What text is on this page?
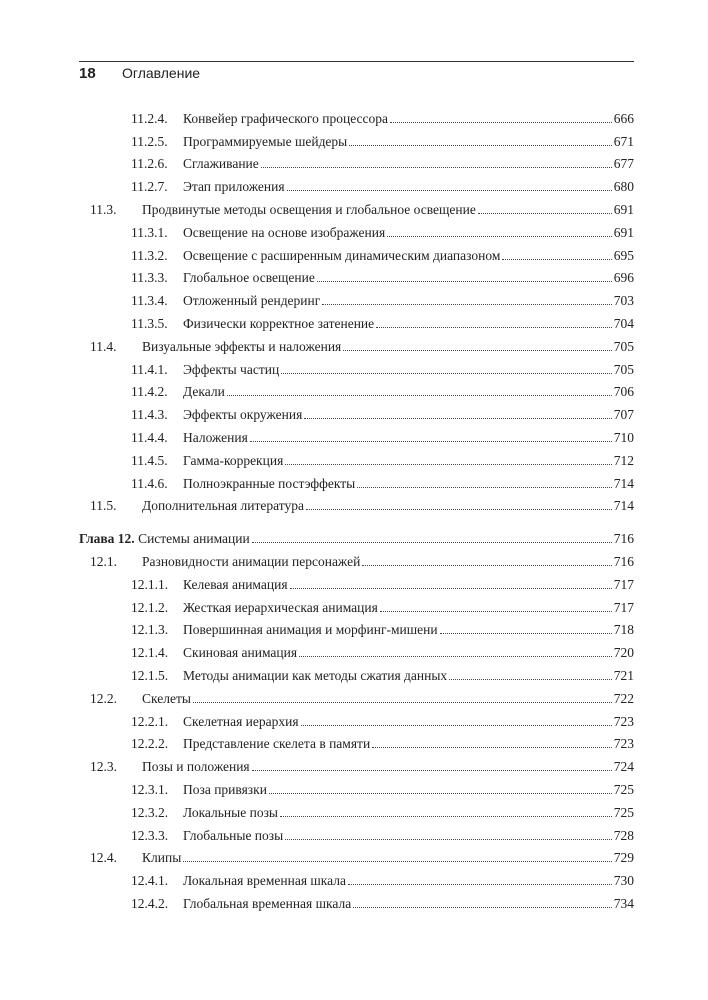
18 Оглавление
11.2.4.	Конвейер графического процессора	666
11.2.5.	Программируемые шейдеры	671
11.2.6.	Сглаживание	677
11.2.7.	Этап приложения	680
11.3.	Продвинутые методы освещения и глобальное освещение	691
11.3.1.	Освещение на основе изображения	691
11.3.2.	Освещение с расширенным динамическим диапазоном	695
11.3.3.	Глобальное освещение	696
11.3.4.	Отложенный рендеринг	703
11.3.5.	Физически корректное затенение	704
11.4.	Визуальные эффекты и наложения	705
11.4.1.	Эффекты частиц	705
11.4.2.	Декали	706
11.4.3.	Эффекты окружения	707
11.4.4.	Наложения	710
11.4.5.	Гамма-коррекция	712
11.4.6.	Полноэкранные постэффекты	714
11.5.	Дополнительная литература	714
Глава 12. Системы анимации	716
12.1.	Разновидности анимации персонажей	716
12.1.1.	Келевая анимация	717
12.1.2.	Жесткая иерархическая анимация	717
12.1.3.	Повершинная анимация и морфинг-мишени	718
12.1.4.	Скиновая анимация	720
12.1.5.	Методы анимации как методы сжатия данных	721
12.2.	Скелеты	722
12.2.1.	Скелетная иерархия	723
12.2.2.	Представление скелета в памяти	723
12.3.	Позы и положения	724
12.3.1.	Поза привязки	725
12.3.2.	Локальные позы	725
12.3.3.	Глобальные позы	728
12.4.	Клипы	729
12.4.1.	Локальная временная шкала	730
12.4.2.	Глобальная временная шкала	734
